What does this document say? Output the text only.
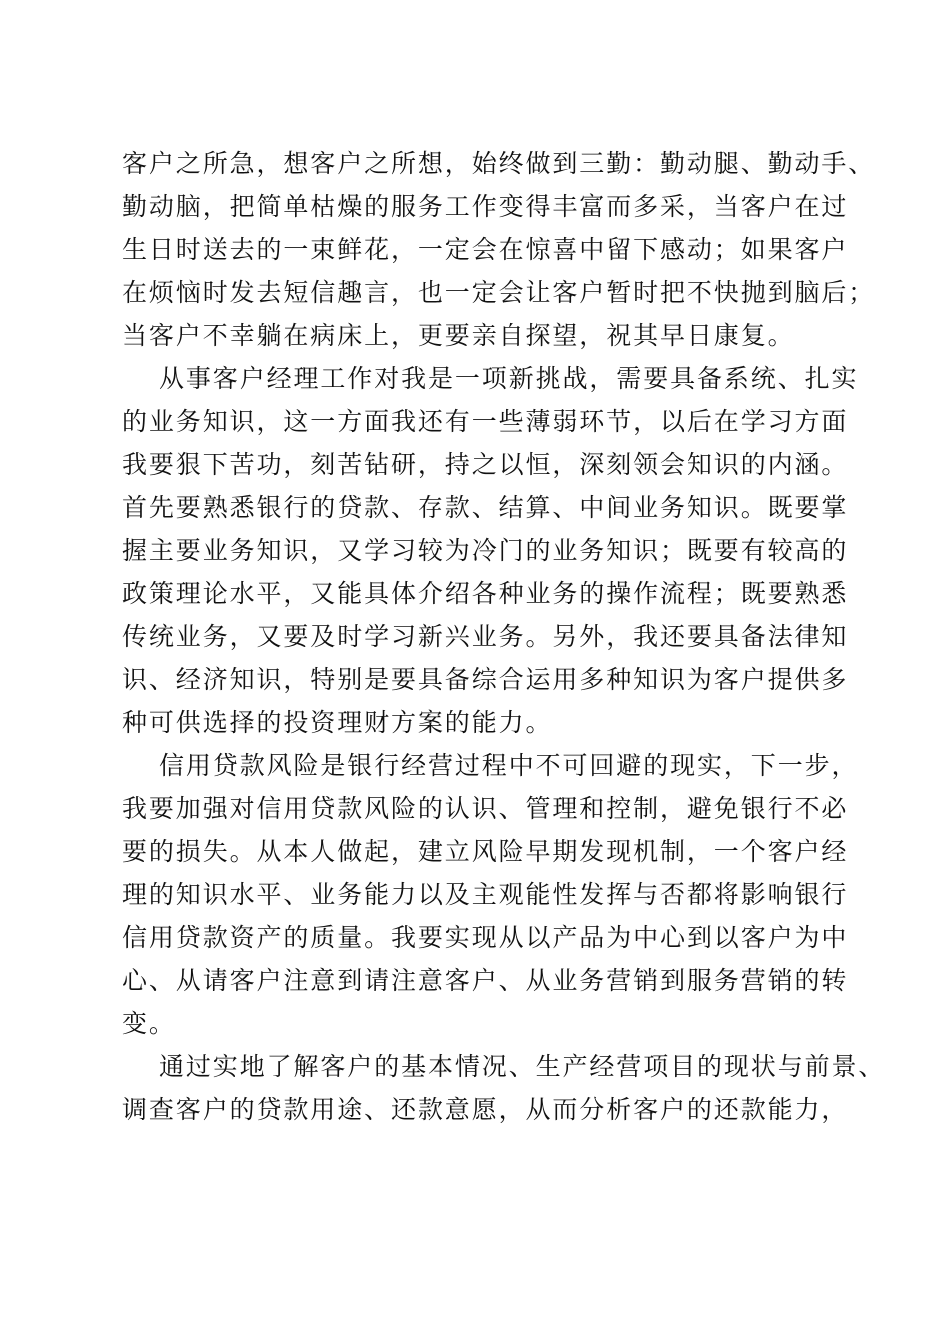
客户之所急，想客户之所想，始终做到三勤：勤动腿、勤动手、
勤动脑，把简单枯燥的服务工作变得丰富而多采，当客户在过
生日时送去的一束鲜花，一定会在惊喜中留下感动；如果客户
在烦恼时发去短信趣言，也一定会让客户暂时把不快抛到脑后；
当客户不幸躺在病床上，更要亲自探望，祝其早日康复。
从事客户经理工作对我是一项新挑战，需要具备系统、扎实
的业务知识，这一方面我还有一些薄弱环节，以后在学习方面
我要狠下苦功，刻苦钻研，持之以恒，深刻领会知识的内涵。
首先要熟悉银行的贷款、存款、结算、中间业务知识。既要掌
握主要业务知识，又学习较为冷门的业务知识；既要有较高的
政策理论水平，又能具体介绍各种业务的操作流程；既要熟悉
传统业务，又要及时学习新兴业务。另外，我还要具备法律知
识、经济知识，特别是要具备综合运用多种知识为客户提供多
种可供选择的投资理财方案的能力。
信用贷款风险是银行经营过程中不可回避的现实，下一步，
我要加强对信用贷款风险的认识、管理和控制，避免银行不必
要的损失。从本人做起，建立风险早期发现机制，一个客户经
理的知识水平、业务能力以及主观能性发挥与否都将影响银行
信用贷款资产的质量。我要实现从以产品为中心到以客户为中
心、从请客户注意到请注意客户、从业务营销到服务营销的转
变。
通过实地了解客户的基本情况、生产经营项目的现状与前景、
调查客户的贷款用途、还款意愿，从而分析客户的还款能力，
